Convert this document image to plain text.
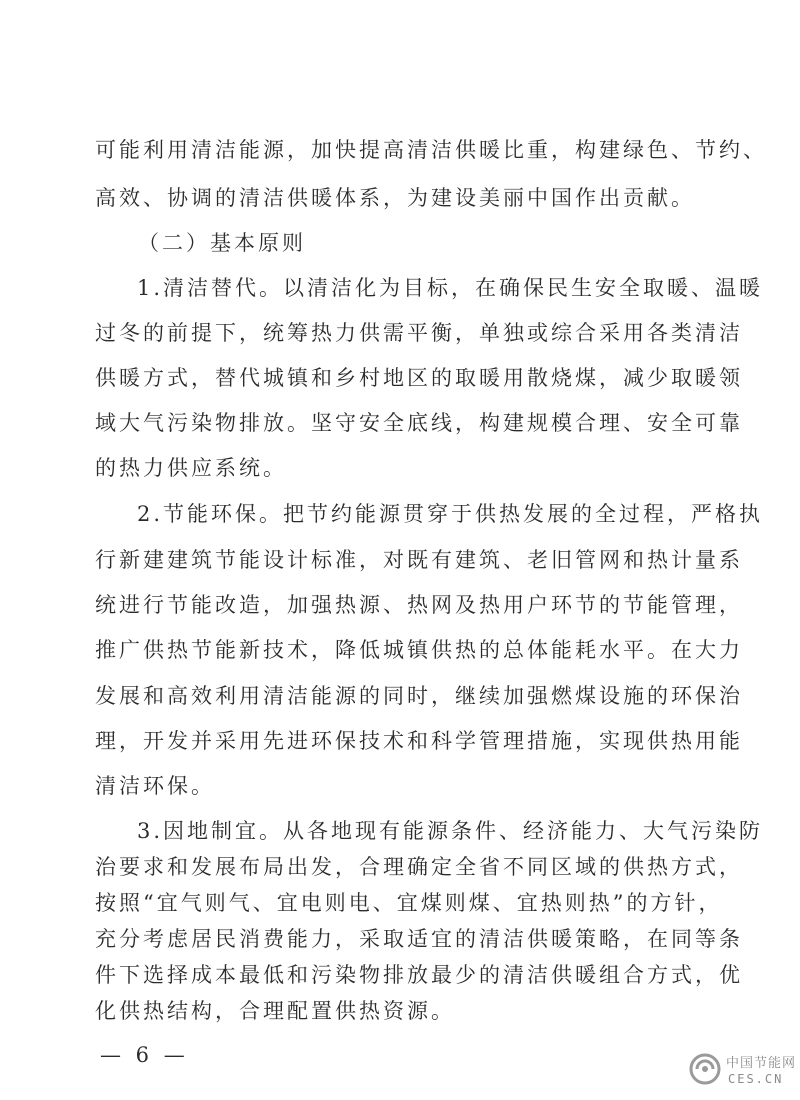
可能利用清洁能源，加快提高清洁供暖比重，构建绿色、节约、
高效、协调的清洁供暖体系，为建设美丽中国作出贡献。
（二）基本原则
1.清洁替代。以清洁化为目标，在确保民生安全取暖、温暖
过冬的前提下，统筹热力供需平衡，单独或综合采用各类清洁
供暖方式，替代城镇和乡村地区的取暖用散烧煤，减少取暖领
域大气污染物排放。坚守安全底线，构建规模合理、安全可靠
的热力供应系统。
2.节能环保。把节约能源贯穿于供热发展的全过程，严格执
行新建建筑节能设计标准，对既有建筑、老旧管网和热计量系
统进行节能改造，加强热源、热网及热用户环节的节能管理，
推广供热节能新技术，降低城镇供热的总体能耗水平。在大力
发展和高效利用清洁能源的同时，继续加强燃煤设施的环保治
理，开发并采用先进环保技术和科学管理措施，实现供热用能
清洁环保。
3.因地制宜。从各地现有能源条件、经济能力、大气污染防
治要求和发展布局出发，合理确定全省不同区域的供热方式，
按照“宜气则气、宜电则电、宜煤则煤、宜热则热”的方针，
充分考虑居民消费能力，采取适宜的清洁供暖策略，在同等条
件下选择成本最低和污染物排放最少的清洁供暖组合方式，优
化供热结构，合理配置供热资源。
— 6 —	中国节能网
CES.CN
